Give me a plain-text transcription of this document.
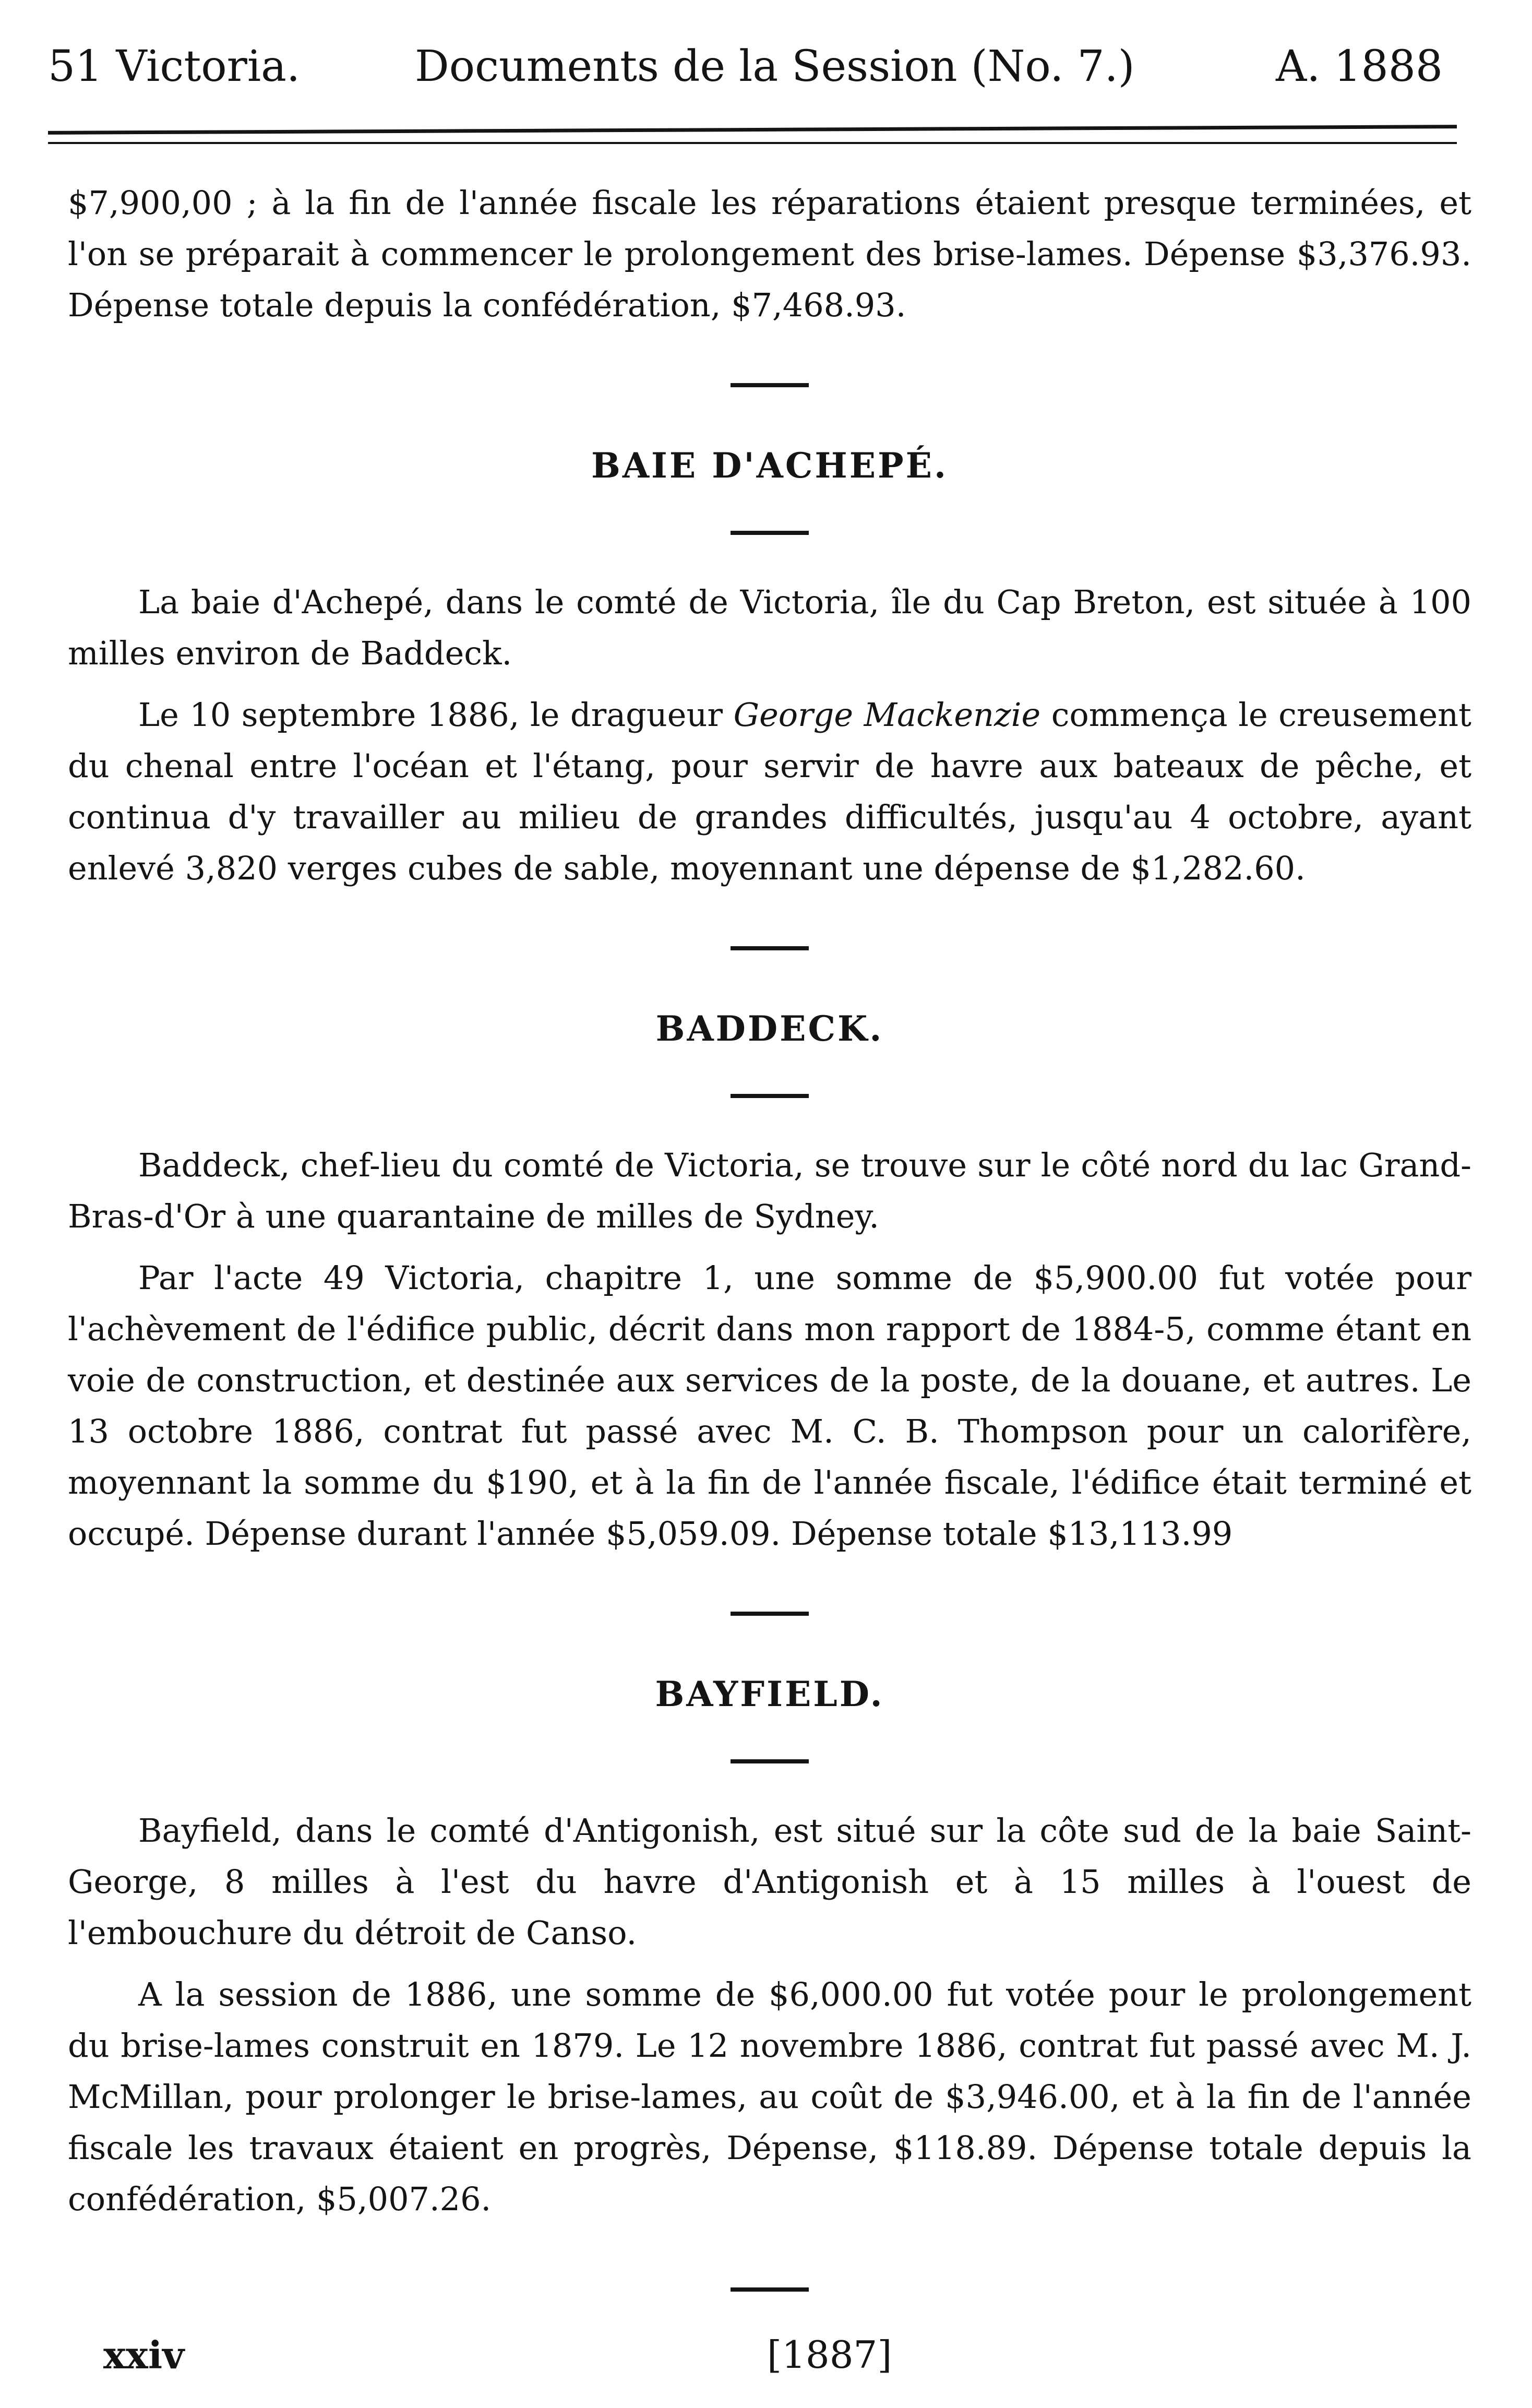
51 Victoria.	Documents de la Session (No. 7.)	A. 1888

$7,900,00 ; à la fin de l'année fiscale les réparations étaient presque terminées, et l'on se préparait à commencer le prolongement des brise-lames. Dépense $3,376.93. Dépense totale depuis la confédération, $7,468.93.

BAIE D'ACHEPÉ.

La baie d'Achepé, dans le comté de Victoria, île du Cap Breton, est située à 100 milles environ de Baddeck.

Le 10 septembre 1886, le dragueur George Mackenzie commença le creusement du chenal entre l'océan et l'étang, pour servir de havre aux bateaux de pêche, et continua d'y travailler au milieu de grandes difficultés, jusqu'au 4 octobre, ayant enlevé 3,820 verges cubes de sable, moyennant une dépense de $1,282.60.

BADDECK.

Baddeck, chef-lieu du comté de Victoria, se trouve sur le côté nord du lac Grand-Bras-d'Or à une quarantaine de milles de Sydney.

Par l'acte 49 Victoria, chapitre 1, une somme de $5,900.00 fut votée pour l'achèvement de l'édifice public, décrit dans mon rapport de 1884-5, comme étant en voie de construction, et destinée aux services de la poste, de la douane, et autres. Le 13 octobre 1886, contrat fut passé avec M. C. B. Thompson pour un calorifère, moyennant la somme du $190, et à la fin de l'année fiscale, l'édifice était terminé et occupé. Dépense durant l'année $5,059.09. Dépense totale $13,113.99

BAYFIELD.

Bayfield, dans le comté d'Antigonish, est situé sur la côte sud de la baie Saint-George, 8 milles à l'est du havre d'Antigonish et à 15 milles à l'ouest de l'embouchure du détroit de Canso.

A la session de 1886, une somme de $6,000.00 fut votée pour le prolongement du brise-lames construit en 1879. Le 12 novembre 1886, contrat fut passé avec M. J. McMillan, pour prolonger le brise-lames, au coût de $3,946.00, et à la fin de l'année fiscale les travaux étaient en progrès, Dépense, $118.89. Dépense totale depuis la confédération, $5,007.26.

xxiv	[1887]
